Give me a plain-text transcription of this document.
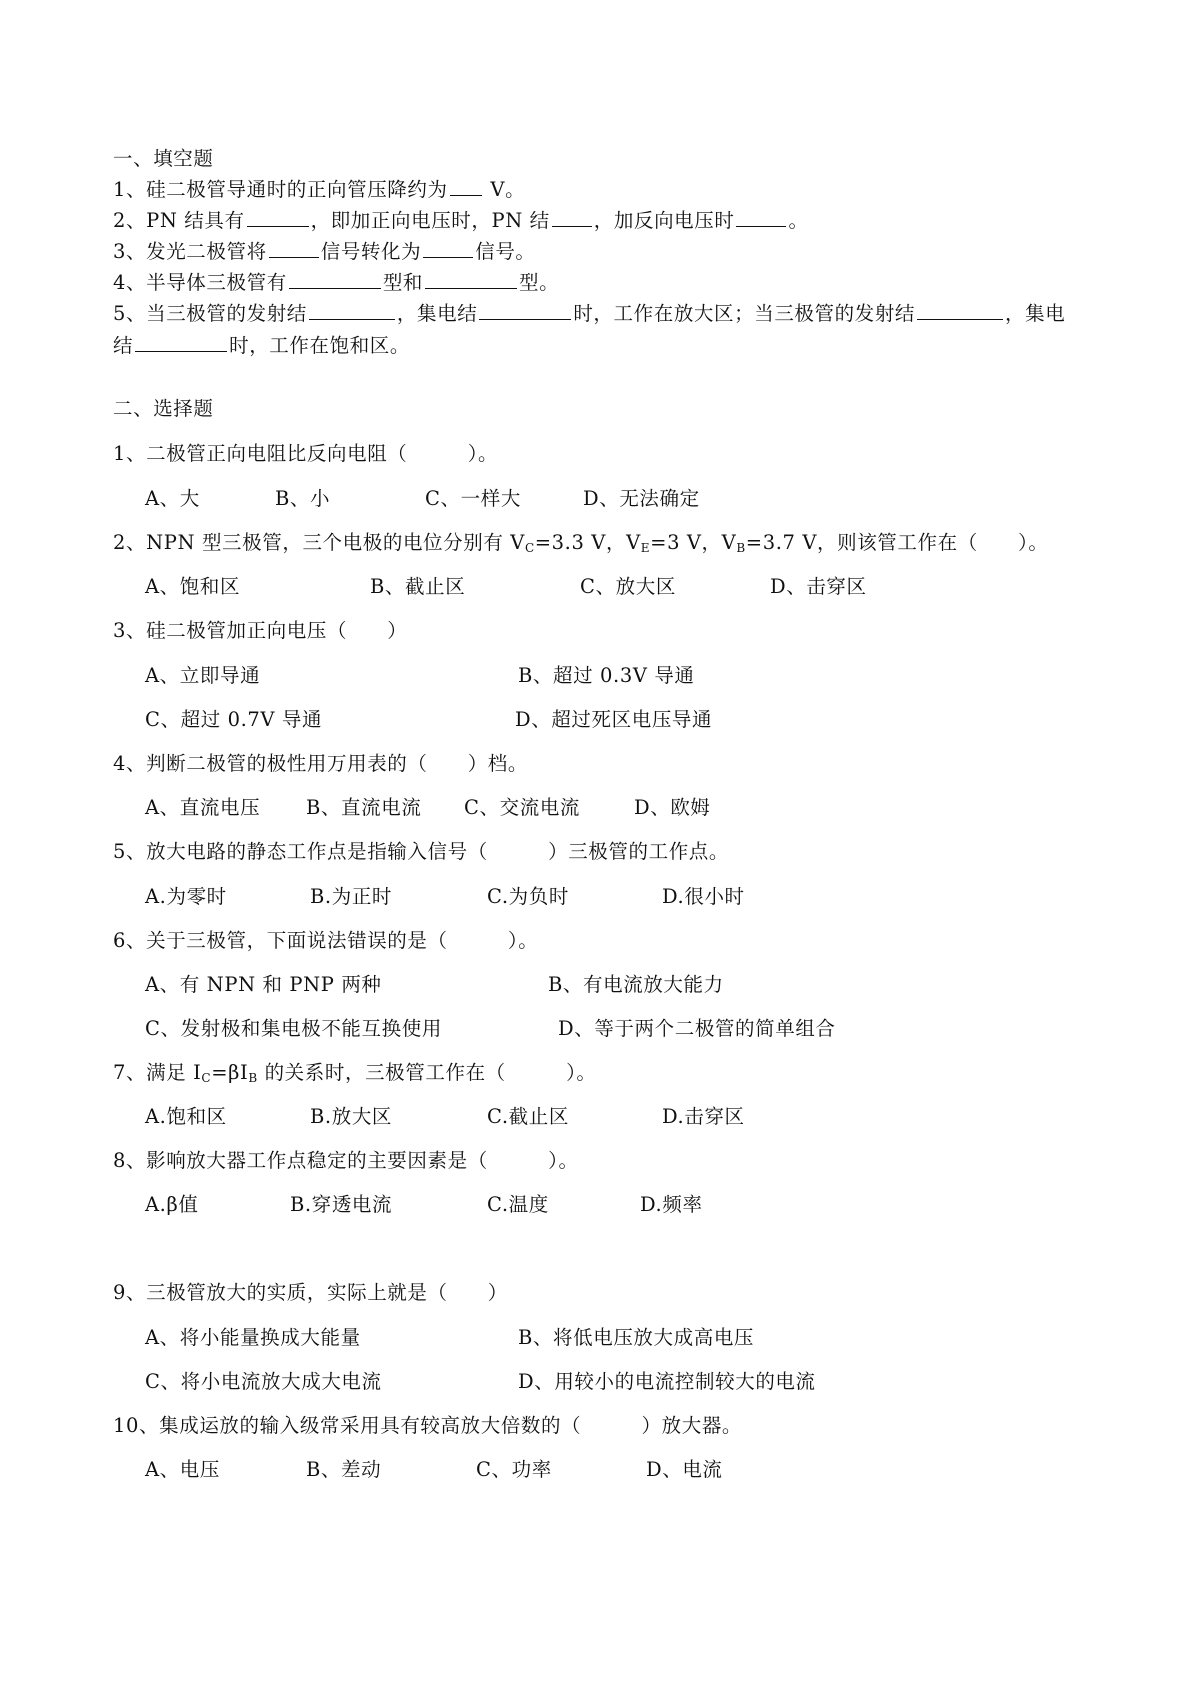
一、填空题
1、硅二极管导通时的正向管压降约为 V。
2、PN 结具有	，即加正向电压时，PN 结 ，加反向电压时	。
3、发光二极管将	信号转化为	信号。
4、半导体三极管有	型和	型。
5、当三极管的发射结	，集电结	时，工作在放大区；当三极管的发射结	，集电
结	时，工作在饱和区。
二、选择题
1、二极管正向电阻比反向电阻（　　　）。
A、大	B、小	C、一样大	D、无法确定
2、NPN 型三极管，三个电极的电位分别有 $V_C=3.3$ V，$V_E=3$ V，$V_B=3.7$ V，则该管工作在（　　）。
A、饱和区	B、截止区	C、放大区	D、击穿区
3、硅二极管加正向电压（　　）
A、立即导通	B、超过 0.3V 导通
C、超过 0.7V 导通	D、超过死区电压导通
4、判断二极管的极性用万用表的（　　）档。
A、直流电压 B、直流电流 C、交流电流	D、欧姆
5、放大电路的静态工作点是指输入信号（　　　）三极管的工作点。
A.为零时	B.为正时	C.为负时	D.很小时
6、关于三极管，下面说法错误的是（　　　）。
A、有 NPN 和 PNP 两种	B、有电流放大能力
C、发射极和集电极不能互换使用	D、等于两个二极管的简单组合
7、满足 $I_C=\beta I_B$ 的关系时，三极管工作在（　　　）。
A.饱和区	B.放大区	C.截止区	D.击穿区
8、影响放大器工作点稳定的主要因素是（　　　）。
A.β值	B.穿透电流	C.温度	D.频率
9、三极管放大的实质，实际上就是（　　）
A、将小能量换成大能量	B、将低电压放大成高电压
C、将小电流放大成大电流	D、用较小的电流控制较大的电流
10、集成运放的输入级常采用具有较高放大倍数的（　　　）放大器。
A、电压	B、差动	C、功率	D、电流
